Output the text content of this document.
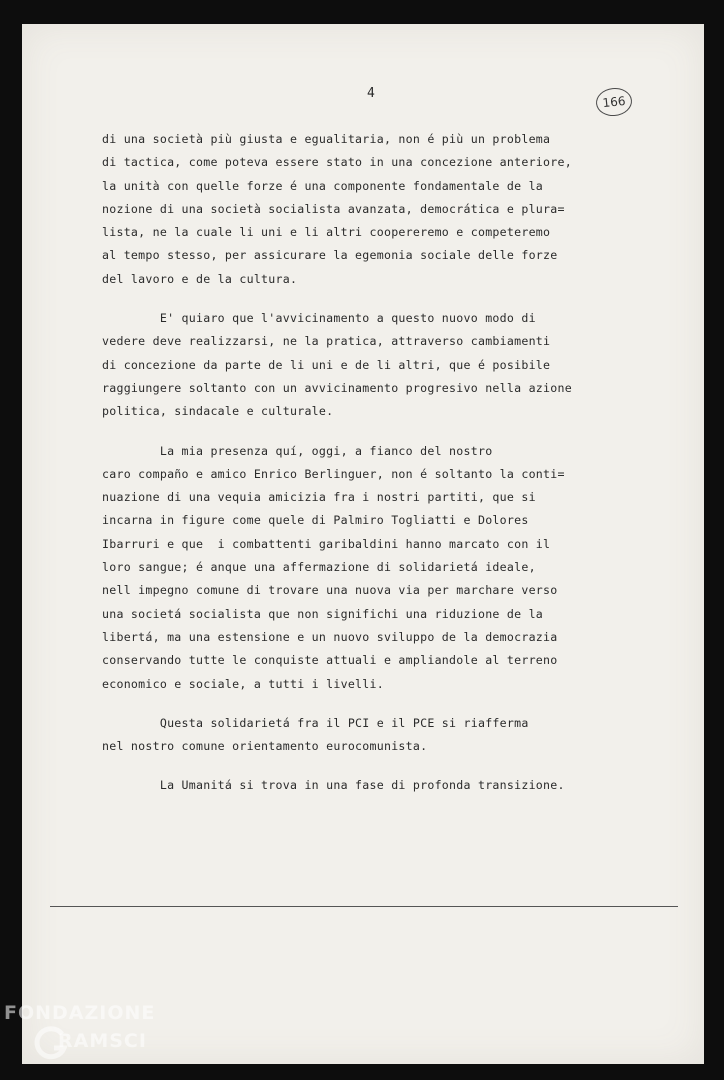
4
166
di una società più giusta e egualitaria, non é più un problema
di tactica, come poteva essere stato in una concezione anteriore,
la unità con quelle forze é una componente fondamentale de la
nozione di una società socialista avanzata, democrática e plura=
lista, ne la cuale li uni e li altri coopereremo e competeremo
al tempo stesso, per assicurare la egemonia sociale delle forze
del lavoro e de la cultura.
E' quiaro que l'avvicinamento a questo nuovo modo di
vedere deve realizzarsi, ne la pratica, attraverso cambiamenti
di concezione da parte de li uni e de li altri, que é posibile
raggiungere soltanto con un avvicinamento progresivo nella azione
politica, sindacale e culturale.
La mia presenza quí, oggi, a fianco del nostro
caro compaño e amico Enrico Berlinguer, non é soltanto la conti=
nuazione di una vequia amicizia fra i nostri partiti, que si
incarna in figure come quele di Palmiro Togliatti e Dolores
Ibarruri e que  i combattenti garibaldini hanno marcato con il
loro sangue; é anque una affermazione di solidarietá ideale,
nell impegno comune di trovare una nuova via per marchare verso
una societá socialista que non significhi una riduzione de la
libertá, ma una estensione e un nuovo sviluppo de la democrazia
conservando tutte le conquiste attuali e ampliandole al terreno
economico e sociale, a tutti i livelli.
Questa solidarietá fra il PCI e il PCE si riafferma
nel nostro comune orientamento eurocomunista.
La Umanitá si trova in una fase di profonda transizione.
FONDAZIONE
RAMSCI
